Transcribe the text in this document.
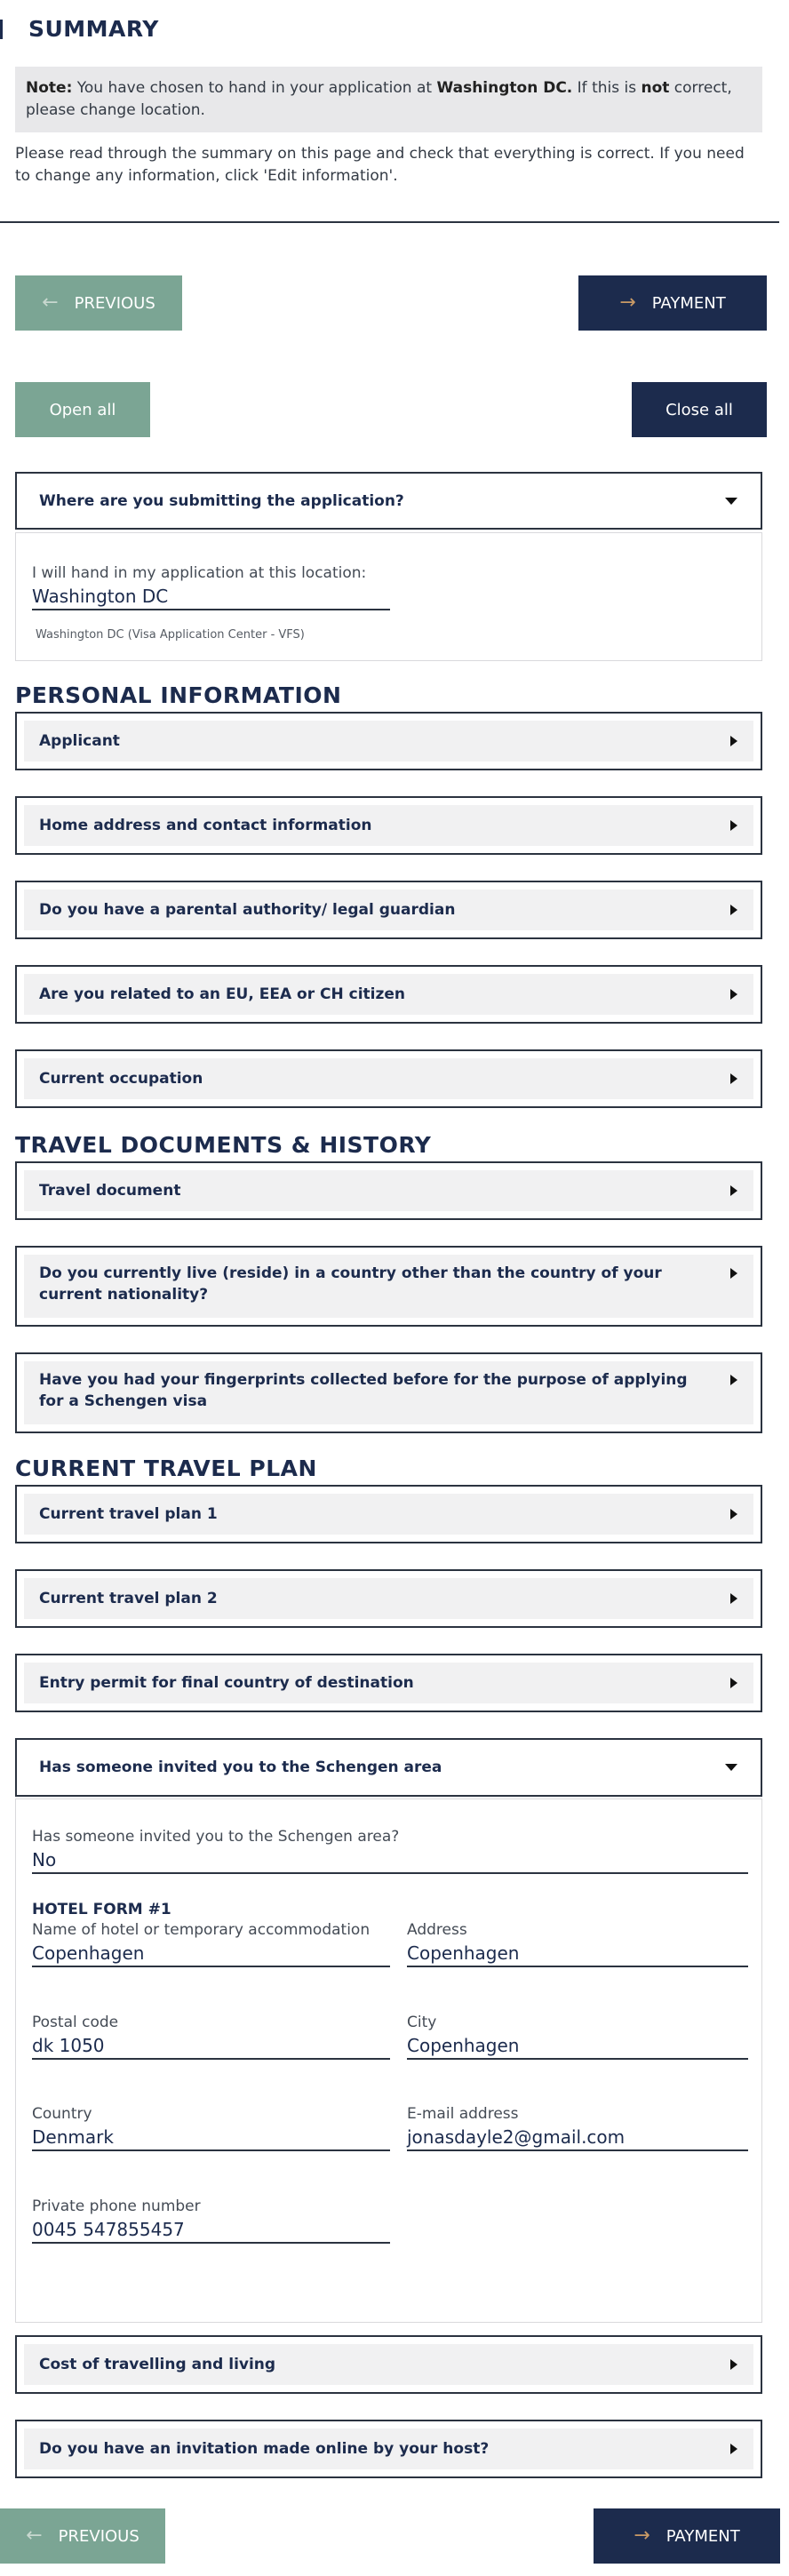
SUMMARY
Note: You have chosen to hand in your application at Washington DC. If this is not correct, please change location.
Please read through the summary on this page and check that everything is correct. If you need to change any information, click 'Edit information'.
← PREVIOUS	→ PAYMENT
Open all	Close all
Where are you submitting the application?
I will hand in my application at this location:
Washington DC
Washington DC (Visa Application Center - VFS)
PERSONAL INFORMATION
Applicant
Home address and contact information
Do you have a parental authority/ legal guardian
Are you related to an EU, EEA or CH citizen
Current occupation
TRAVEL DOCUMENTS & HISTORY
Travel document
Do you currently live (reside) in a country other than the country of your current nationality?
Have you had your fingerprints collected before for the purpose of applying for a Schengen visa
CURRENT TRAVEL PLAN
Current travel plan 1
Current travel plan 2
Entry permit for final country of destination
Has someone invited you to the Schengen area
Has someone invited you to the Schengen area?
No
HOTEL FORM #1
Name of hotel or temporary accommodation
Copenhagen
Address
Copenhagen
Postal code
dk 1050
City
Copenhagen
Country
Denmark
E-mail address
jonasdayle2@gmail.com
Private phone number
0045 547855457
Cost of travelling and living
Do you have an invitation made online by your host?
← PREVIOUS	→ PAYMENT
